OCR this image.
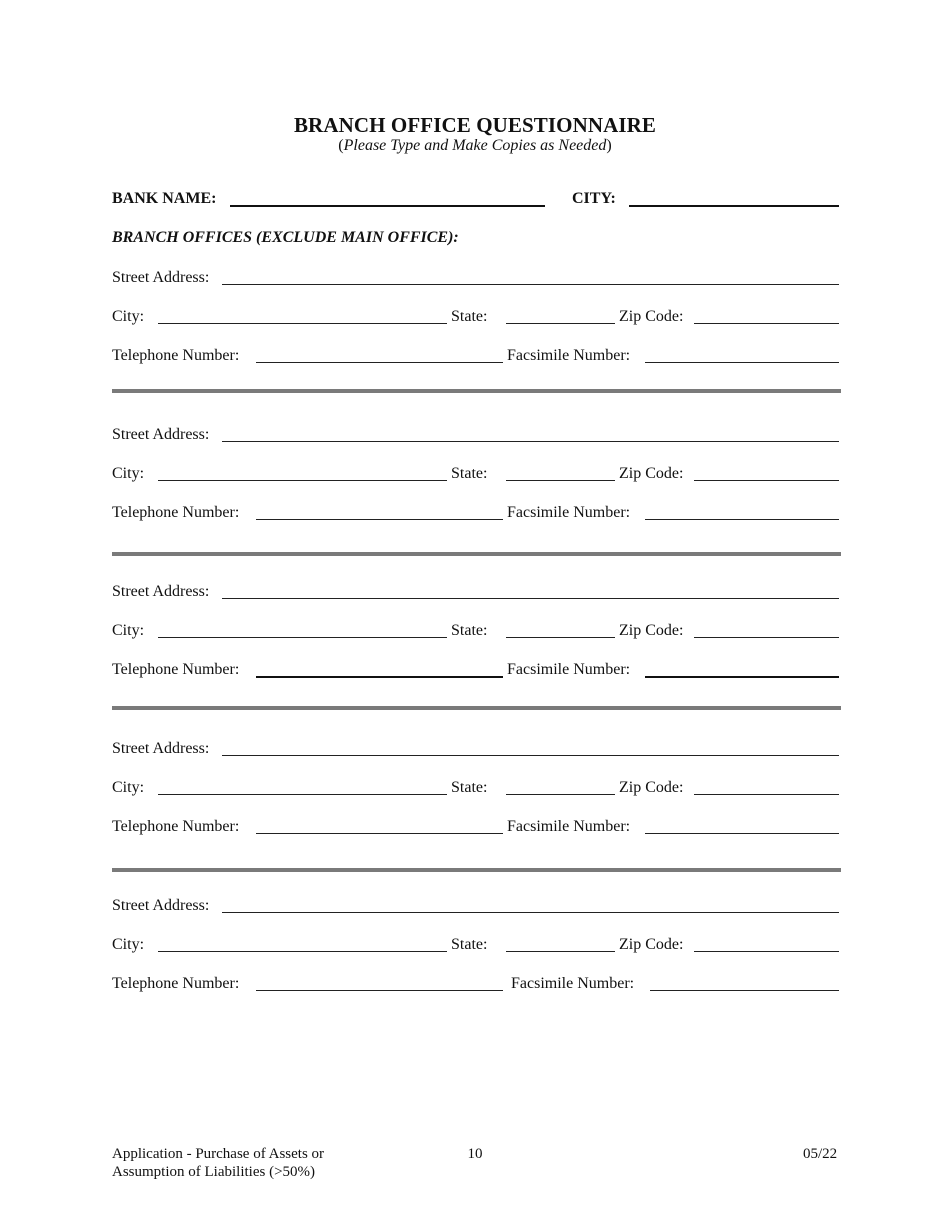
BRANCH OFFICE QUESTIONNAIRE
(Please Type and Make Copies as Needed)
BANK NAME:	CITY:
BRANCH OFFICES (EXCLUDE MAIN OFFICE):
Street Address:
City:	State:	Zip Code:
Telephone Number:	Facsimile Number:
Street Address:
City:	State:	Zip Code:
Telephone Number:	Facsimile Number:
Street Address:
City:	State:	Zip Code:
Telephone Number:	Facsimile Number:
Street Address:
City:	State:	Zip Code:
Telephone Number:	Facsimile Number:
Street Address:
City:	State:	Zip Code:
Telephone Number:	Facsimile Number:
Application - Purchase of Assets or
Assumption of Liabilities (>50%)
10	05/22
